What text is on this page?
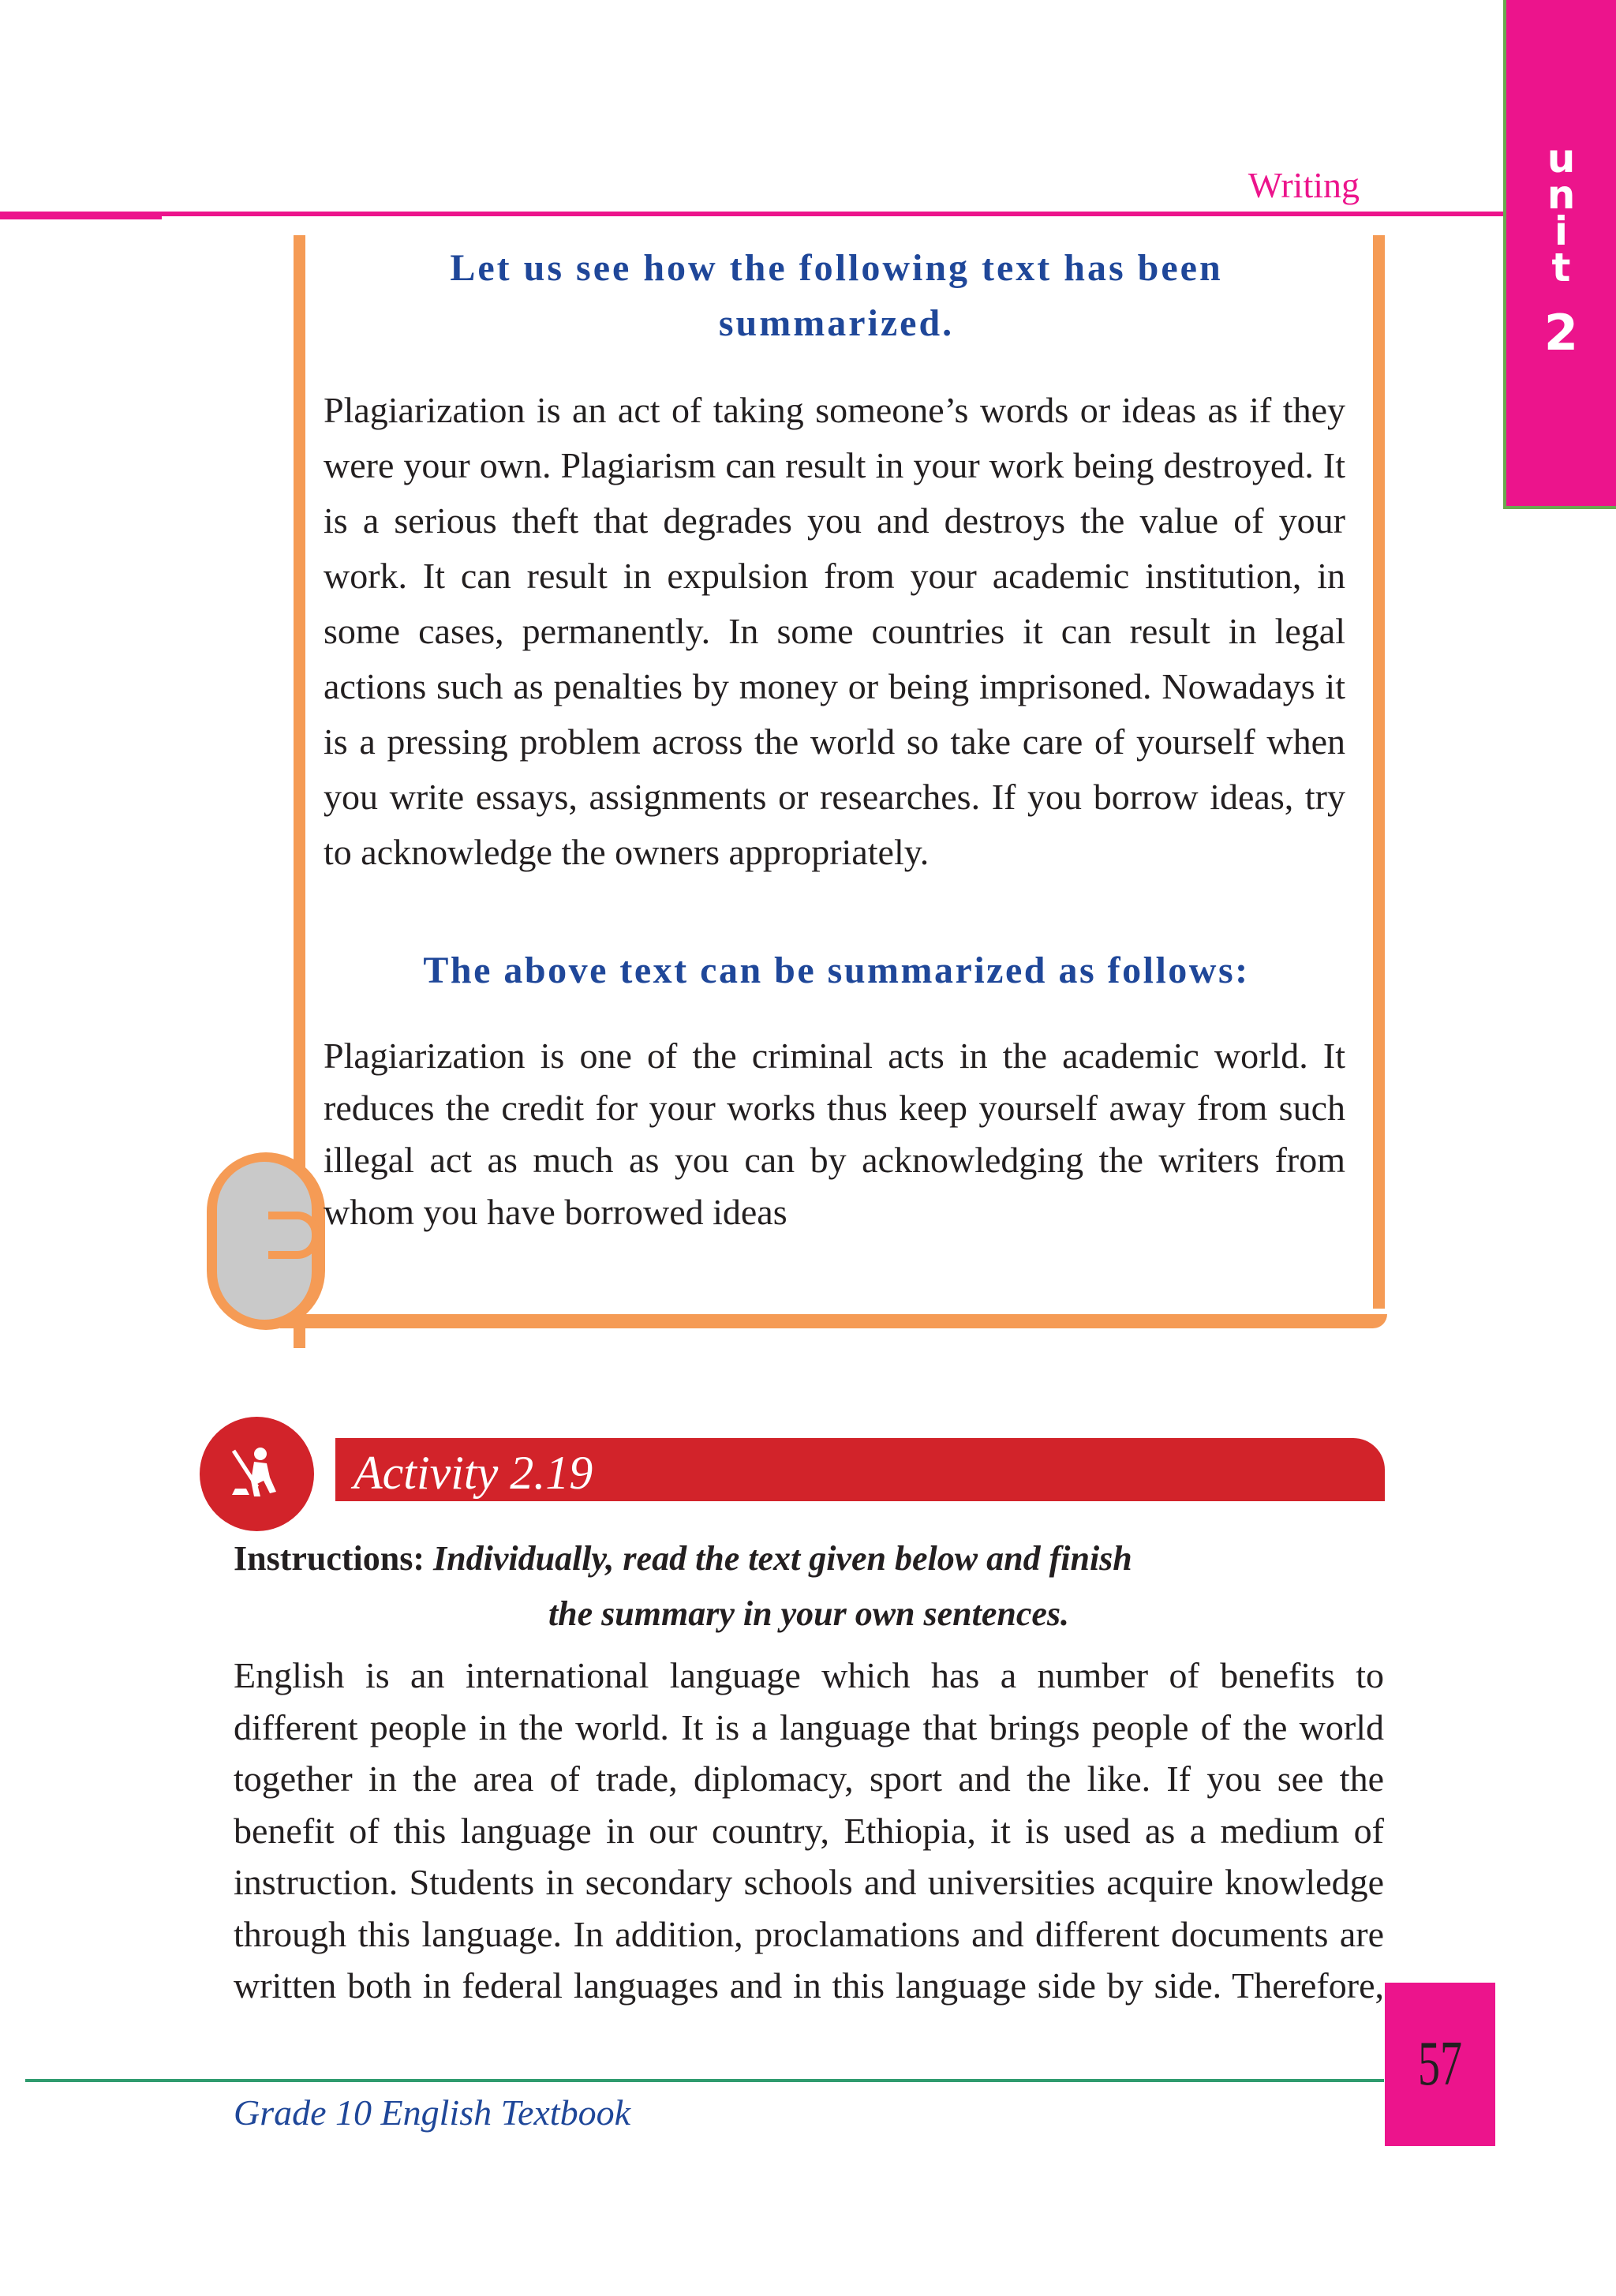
Writing
u
n
i
t
2
Let us see how the following text has been
summarized.
Plagiarization is an act of taking someone’s words or ideas as if they were your own. Plagiarism can result in your work being destroyed. It is a serious theft that degrades you and destroys the value of your work. It can result in expulsion from your academic institution, in some cases, permanently. In some countries it can result in legal actions such as penalties by money or being imprisoned. Nowadays it is a pressing problem across the world so take care of yourself when you write essays, assignments or researches. If you borrow ideas, try to acknowledge the owners appropriately.
The above text can be summarized as follows:
Plagiarization is one of the criminal acts in the academic world. It reduces the credit for your works thus keep yourself away from such illegal act as much as you can by acknowledging the writers from whom you have borrowed ideas
Activity 2.19
Instructions: Individually, read the text given below and finish
the summary in your own sentences.
English is an international language which has a number of benefits to different people in the world. It is a language that brings people of the world together in the area of trade, diplomacy, sport and the like. If you see the benefit of this language in our country, Ethiopia, it is used as a medium of instruction. Students in secondary schools and universities acquire knowledge through this language. In addition, proclamations and different documents are written both in federal languages and in this language side by side. Therefore,
57
Grade 10 English Textbook
